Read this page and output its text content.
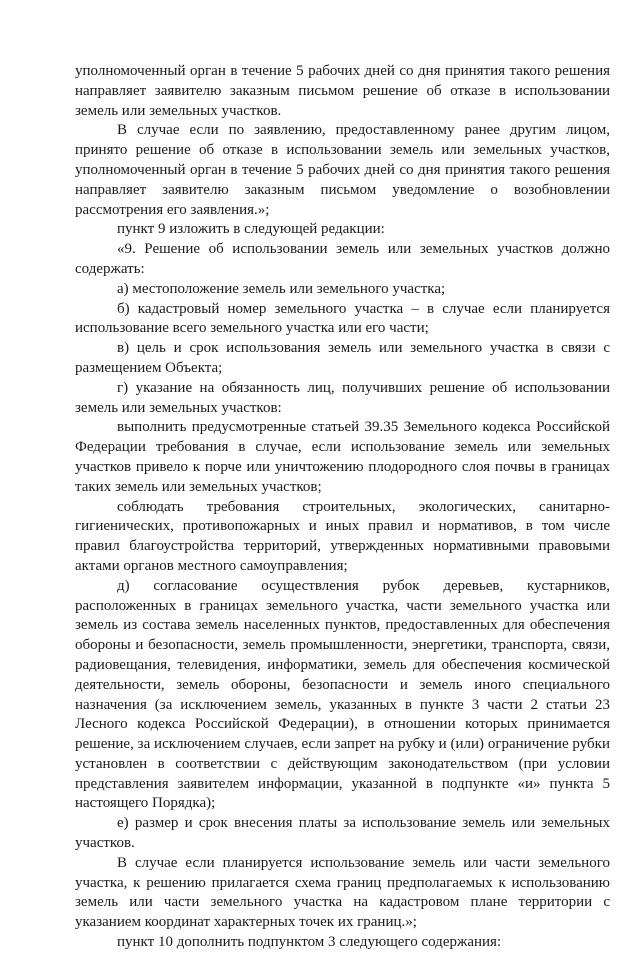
уполномоченный орган в течение 5 рабочих дней со дня принятия такого решения направляет заявителю заказным письмом решение об отказе в использовании земель или земельных участков.

В случае если по заявлению, предоставленному ранее другим лицом, принято решение об отказе в использовании земель или земельных участков, уполномоченный орган в течение 5 рабочих дней со дня принятия такого решения направляет заявителю заказным письмом уведомление о возобновлении рассмотрения его заявления.»;

пункт 9 изложить в следующей редакции:

«9. Решение об использовании земель или земельных участков должно содержать:

а) местоположение земель или земельного участка;

б) кадастровый номер земельного участка – в случае если планируется использование всего земельного участка или его части;

в) цель и срок использования земель или земельного участка в связи с размещением Объекта;

г) указание на обязанность лиц, получивших решение об использовании земель или земельных участков:

выполнить предусмотренные статьей 39.35 Земельного кодекса Российской Федерации требования в случае, если использование земель или земельных участков привело к порче или уничтожению плодородного слоя почвы в границах таких земель или земельных участков;

соблюдать требования строительных, экологических, санитарно-гигиенических, противопожарных и иных правил и нормативов, в том числе правил благоустройства территорий, утвержденных нормативными правовыми актами органов местного самоуправления;

д) согласование осуществления рубок деревьев, кустарников, расположенных в границах земельного участка, части земельного участка или земель из состава земель населенных пунктов, предоставленных для обеспечения обороны и безопасности, земель промышленности, энергетики, транспорта, связи, радиовещания, телевидения, информатики, земель для обеспечения космической деятельности, земель обороны, безопасности и земель иного специального назначения (за исключением земель, указанных в пункте 3 части 2 статьи 23 Лесного кодекса Российской Федерации), в отношении которых принимается решение, за исключением случаев, если запрет на рубку и (или) ограничение рубки установлен в соответствии с действующим законодательством (при условии представления заявителем информации, указанной в подпункте «и» пункта 5 настоящего Порядка);

е) размер и срок внесения платы за использование земель или земельных участков.

В случае если планируется использование земель или части земельного участка, к решению прилагается схема границ предполагаемых к использованию земель или части земельного участка на кадастровом плане территории с указанием координат характерных точек их границ.»;

пункт 10 дополнить подпунктом 3 следующего содержания:
